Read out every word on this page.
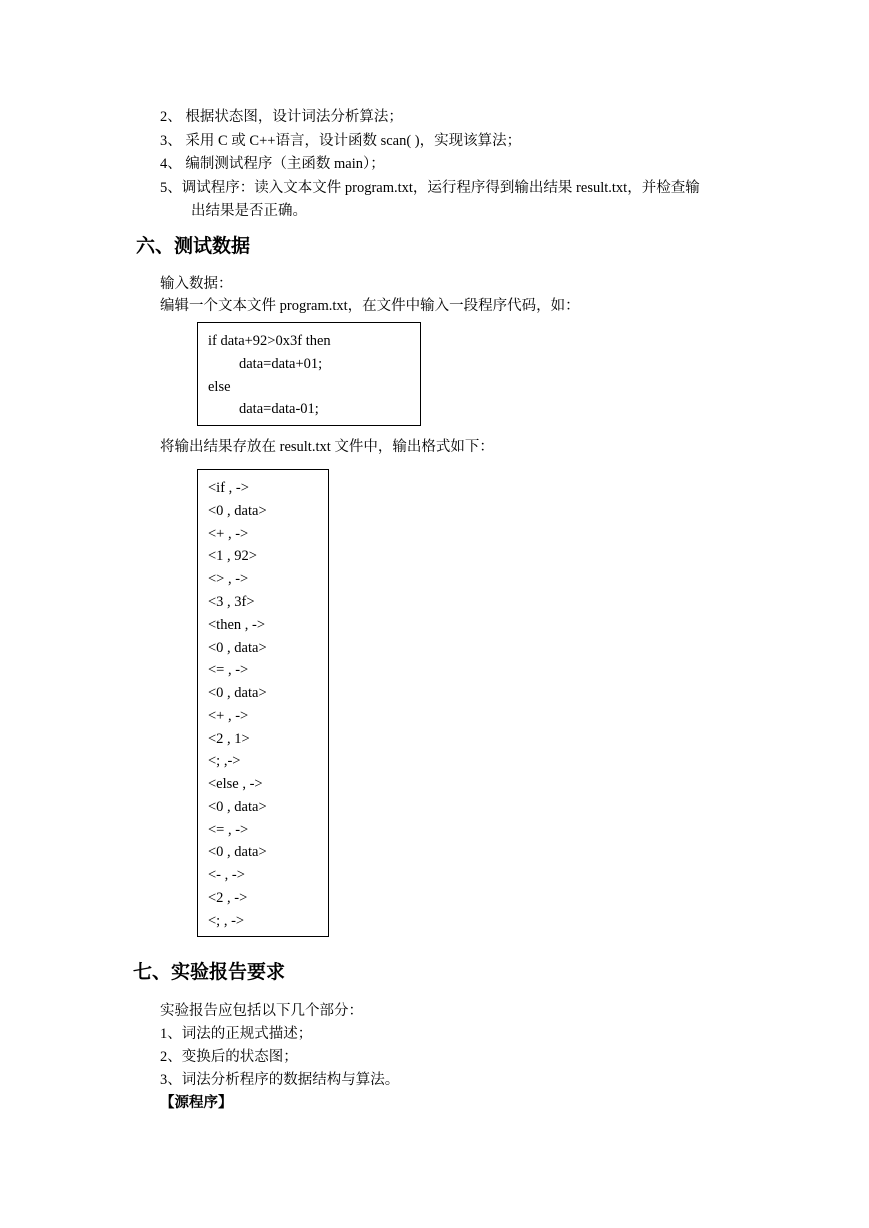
2、 根据状态图，设计词法分析算法；
3、 采用 C 或 C++语言，设计函数 scan( )，实现该算法；
4、 编制测试程序（主函数 main）；
5、调试程序：读入文本文件 program.txt，运行程序得到输出结果 result.txt，并检查输
出结果是否正确。
六、测试数据
输入数据：
编辑一个文本文件 program.txt，在文件中输入一段程序代码，如：
if data+92>0x3f then
data=data+01;
else
data=data-01;
将输出结果存放在 result.txt 文件中，输出格式如下：
<if , ->
<0 , data>
<+ , ->
<1 , 92>
<> , ->
<3 , 3f>
<then , ->
<0 , data>
<= , ->
<0 , data>
<+ , ->
<2 , 1>
<; ,->
<else , ->
<0 , data>
<= , ->
<0 , data>
<- , ->
<2 , ->
<; , ->
七、实验报告要求
实验报告应包括以下几个部分：
1、词法的正规式描述；
2、变换后的状态图；
3、词法分析程序的数据结构与算法。
【源程序】
